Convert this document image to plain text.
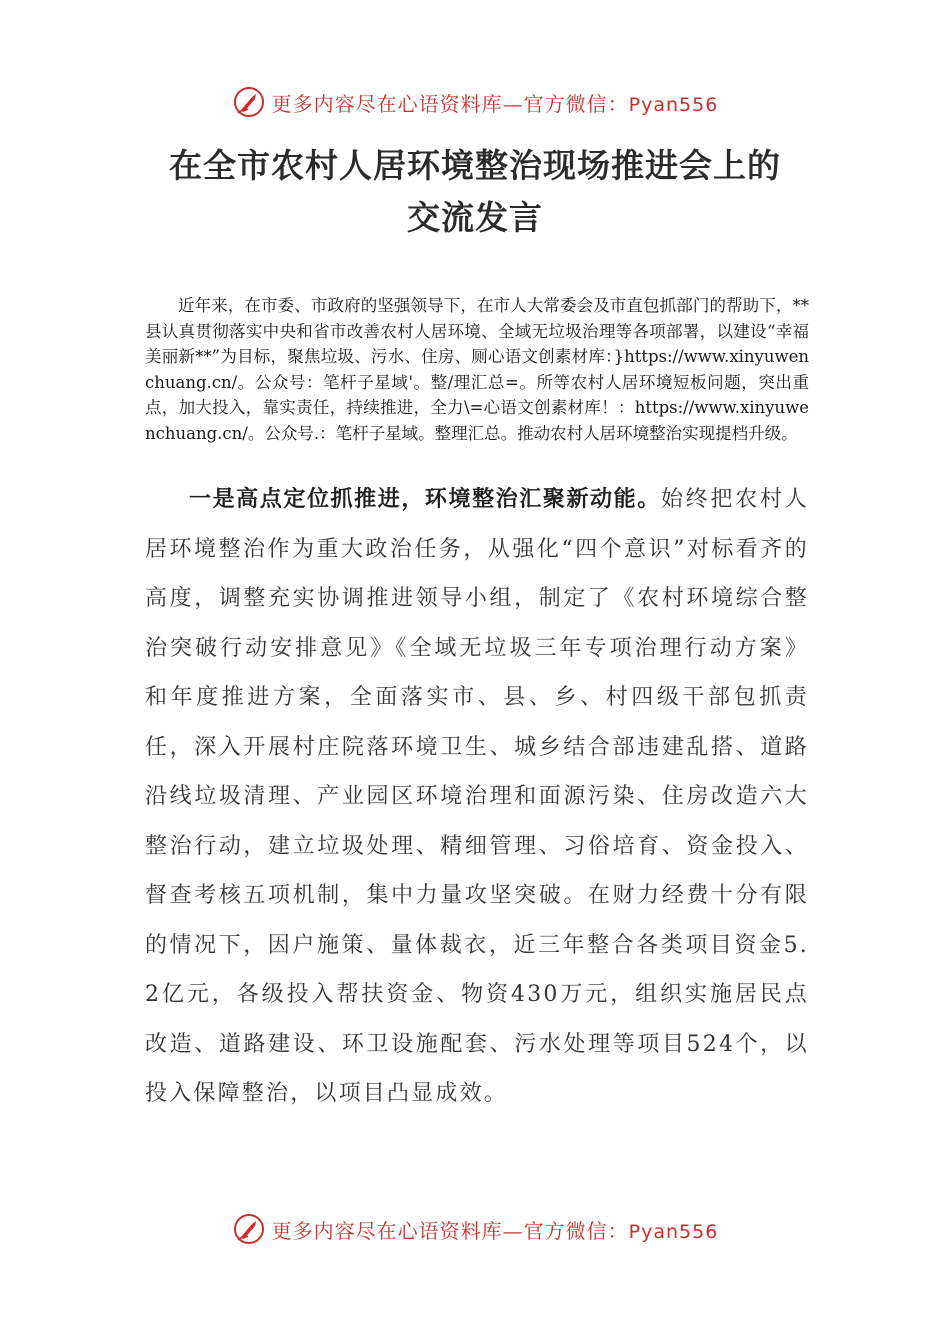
更多内容尽在心语资料库—官方微信：Pyan556
在全市农村人居环境整治现场推进会上的
交流发言

近年来，在市委、市政府的坚强领导下，在市人大常委会及市直包抓部门的帮助下，**县认真贯彻落实中央和省市改善农村人居环境、全域无垃圾治理等各项部署，以建设“幸福美丽新**”为目标，聚焦垃圾、污水、住房、厕心语文创素材库：}https://www.xinyuwenchuang.cn/。公众号：笔杆子星域'。整/理汇总=。所等农村人居环境短板问题，突出重点，加大投入，靠实责任，持续推进，全力\=心语文创素材库！：https://www.xinyuwenchuang.cn/。公众号.：笔杆子星域。整理汇总。推动农村人居环境整治实现提档升级。

一是高点定位抓推进，环境整治汇聚新动能。始终把农村人居环境整治作为重大政治任务，从强化“四个意识”对标看齐的高度，调整充实协调推进领导小组，制定了《农村环境综合整治突破行动安排意见》《全域无垃圾三年专项治理行动方案》和年度推进方案，全面落实市、县、乡、村四级干部包抓责任，深入开展村庄院落环境卫生、城乡结合部违建乱搭、道路沿线垃圾清理、产业园区环境治理和面源污染、住房改造六大整治行动，建立垃圾处理、精细管理、习俗培育、资金投入、督查考核五项机制，集中力量攻坚突破。在财力经费十分有限的情况下，因户施策、量体裁衣，近三年整合各类项目资金5.2亿元，各级投入帮扶资金、物资430万元，组织实施居民点改造、道路建设、环卫设施配套、污水处理等项目524个，以投入保障整治，以项目凸显成效。

更多内容尽在心语资料库—官方微信：Pyan556
